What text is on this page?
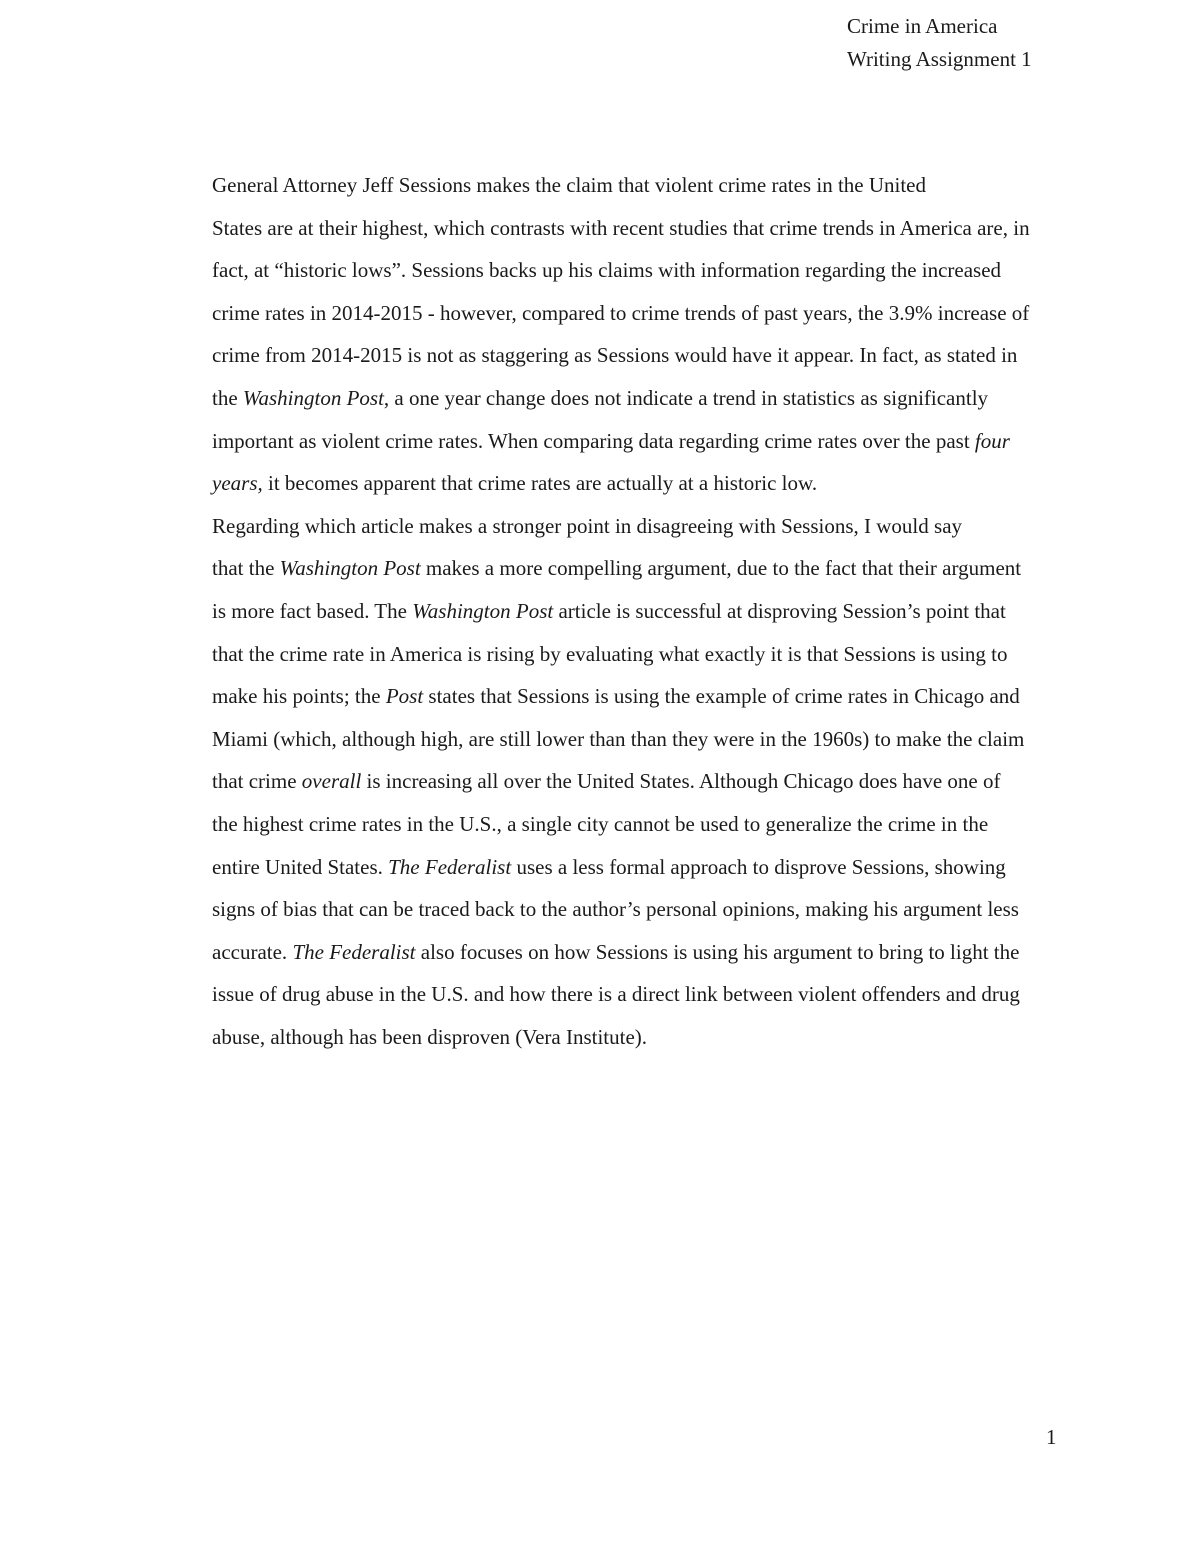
Crime in America
Writing Assignment 1

General Attorney Jeff Sessions makes the claim that violent crime rates in the United
States are at their highest, which contrasts with recent studies that crime trends in America are, in
fact, at “historic lows”. Sessions backs up his claims with information regarding the increased
crime rates in 2014-2015 - however, compared to crime trends of past years, the 3.9% increase of
crime from 2014-2015 is not as staggering as Sessions would have it appear. In fact, as stated in
the Washington Post, a one year change does not indicate a trend in statistics as significantly
important as violent crime rates. When comparing data regarding crime rates over the past four
years, it becomes apparent that crime rates are actually at a historic low.

Regarding which article makes a stronger point in disagreeing with Sessions, I would say
that the Washington Post makes a more compelling argument, due to the fact that their argument
is more fact based. The Washington Post article is successful at disproving Session’s point that
that the crime rate in America is rising by evaluating what exactly it is that Sessions is using to
make his points; the Post states that Sessions is using the example of crime rates in Chicago and
Miami (which, although high, are still lower than than they were in the 1960s) to make the claim
that crime overall is increasing all over the United States. Although Chicago does have one of
the highest crime rates in the U.S., a single city cannot be used to generalize the crime in the
entire United States. The Federalist uses a less formal approach to disprove Sessions, showing
signs of bias that can be traced back to the author’s personal opinions, making his argument less
accurate. The Federalist also focuses on how Sessions is using his argument to bring to light the
issue of drug abuse in the U.S. and how there is a direct link between violent offenders and drug
abuse, although has been disproven (Vera Institute).

1
